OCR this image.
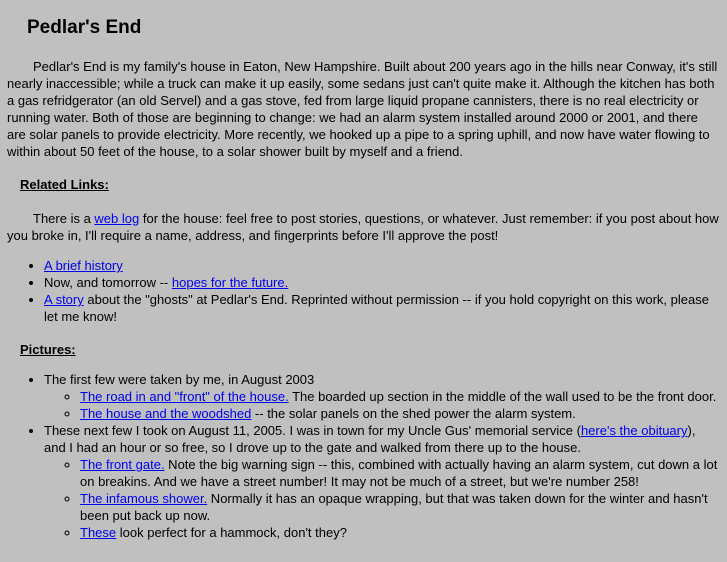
Pedlar's End

Pedlar's End is my family's house in Eaton, New Hampshire. Built about 200 years ago in the hills near Conway, it's still nearly inaccessible; while a truck can make it up easily, some sedans just can't quite make it. Although the kitchen has both a gas refridgerator (an old Servel) and a gas stove, fed from large liquid propane cannisters, there is no real electricity or running water. Both of those are beginning to change: we had an alarm system installed around 2000 or 2001, and there are solar panels to provide electricity. More recently, we hooked up a pipe to a spring uphill, and now have water flowing to within about 50 feet of the house, to a solar shower built by myself and a friend.

Related Links:

There is a web log for the house: feel free to post stories, questions, or whatever. Just remember: if you post about how you broke in, I'll require a name, address, and fingerprints before I'll approve the post!

• A brief history
• Now, and tomorrow -- hopes for the future.
• A story about the "ghosts" at Pedlar's End. Reprinted without permission -- if you hold copyright on this work, please let me know!
Pictures:
• The first few were taken by me, in August 2003
◦ The road in and "front" of the house. The boarded up section in the middle of the wall used to be the front door.
◦ The house and the woodshed -- the solar panels on the shed power the alarm system.
• These next few I took on August 11, 2005. I was in town for my Uncle Gus' memorial service (here's the obituary), and I had an hour or so free, so I drove up to the gate and walked from there up to the house.
◦ The front gate. Note the big warning sign -- this, combined with actually having an alarm system, cut down a lot on breakins. And we have a street number! It may not be much of a street, but we're number 258!
◦ The infamous shower. Normally it has an opaque wrapping, but that was taken down for the winter and hasn't been put back up now.
◦ These look perfect for a hammock, don't they?
